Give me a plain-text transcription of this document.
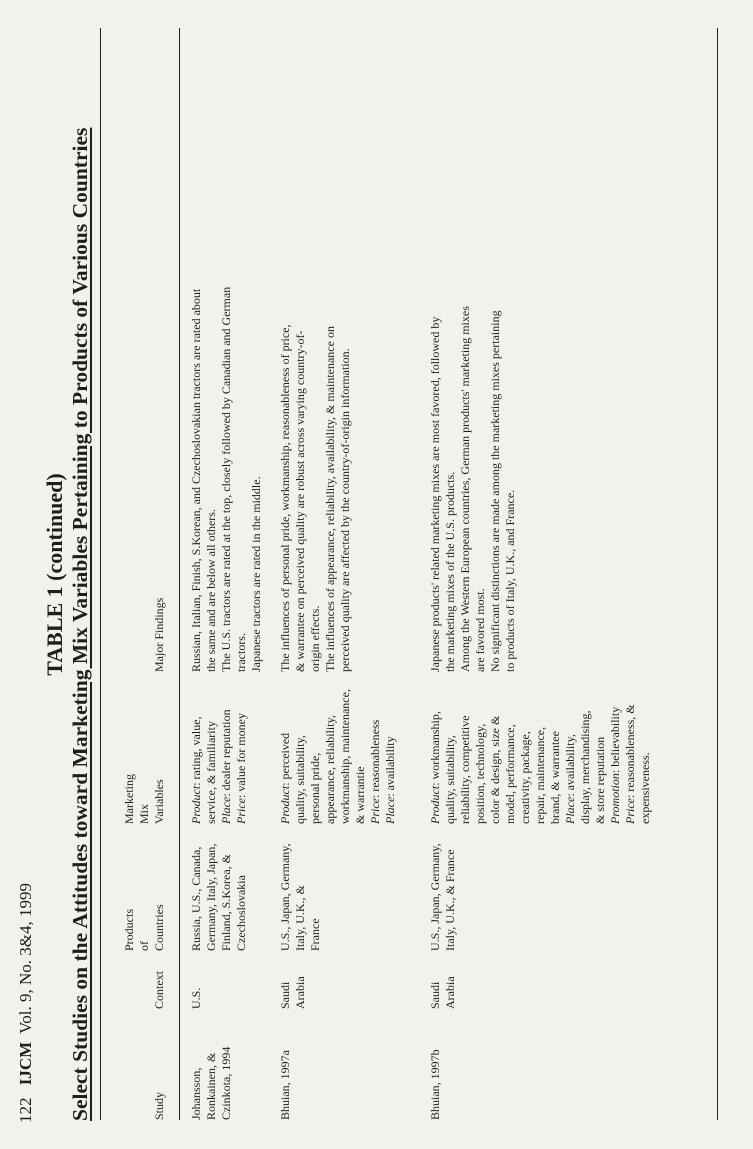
122 IJCM Vol. 9, No. 3&4, 1999
TABLE 1 (continued) Select Studies on the Attitudes toward Marketing Mix Variables Pertaining to Products of Various Countries	Study
Context
Products of Countries
Marketing Mix Variables
Major Findings
Johansson, Ronkainen, & Czinkota, 1994
U.S.
Russia, U.S., Canada, Germany, Italy, Japan, Finland, S.Korea, & Czechoslovakia
Product: rating, value, service, & familiarity Place: dealer reputation
Price: value for money
Russian, Italian, Finish, S.Korean, and Czechoslovakian tractors are rated about the same and are below all others. The U.S. tractors are rated at the top, closely followed by Canadian and German tractors. Japanese tractors are rated in the middle.
Bhuian, 1997a
Saudi Arabia
U.S., Japan, Germany, Italy, U.K., & France
Product: perceived quality, suitability, personal pride, appearance, reliability, workmanship, maintenance, & warrantie Price: reasonableness
Place: availability
The influences of personal pride, workmanship, reasonableness of price, & warrantee on perceived quality are robust across varying country-of- origin effects. The influences of appearance, reliability, availability, & maintenance on perceived quality are affected by the country-of-origin information.
Bhuian, 1997b
Saudi Arabia
U.S., Japan, Germany, Italy, U.K., & France
Product: workmanship, quality, suitability, reliability, competitive position, technology, color & design, size & model, performance, creativity, package, repair, maintenance, brand, & warrantee Place: availability, display, merchandising, & store reputation Promotion: believability
Price: reasonableness, & expensiveness.
Japanese products' related marketing mixes are most favored, followed by the marketing mixes of the U.S. products. Among the Western European countries, German products' marketing mixes are favored most. No significant distinctions are made among the marketing mixes pertaining to products of Italy, U.K., and France.
